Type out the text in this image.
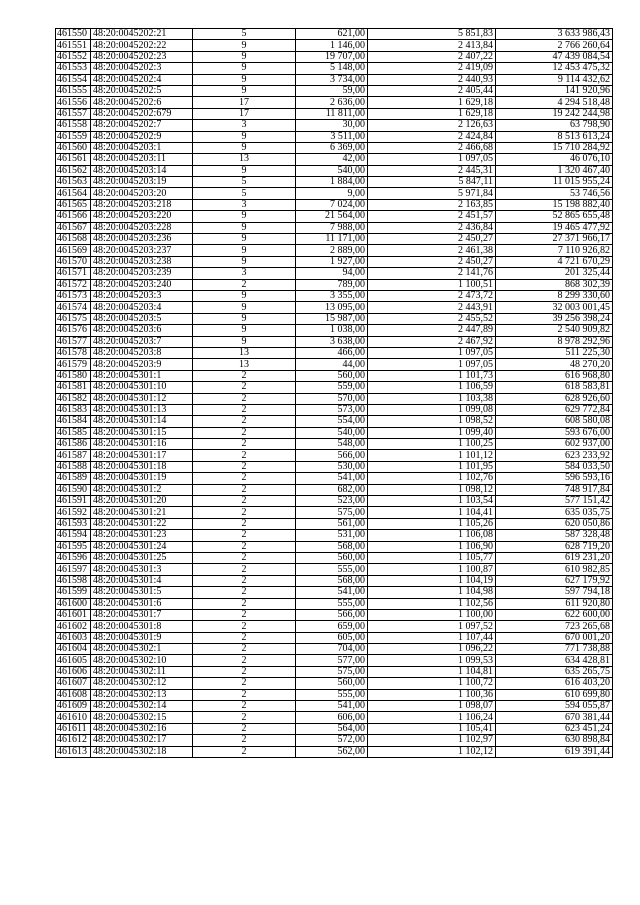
461550	48:20:0045202:21	5	621,00	5 851,83	3 633 986,43
461551	48:20:0045202:22	9	1 146,00	2 413,84	2 766 260,64
461552	48:20:0045202:23	9	19 707,00	2 407,22	47 439 084,54
461553	48:20:0045202:3	9	5 148,00	2 419,09	12 453 475,32
461554	48:20:0045202:4	9	3 734,00	2 440,93	9 114 432,62
461555	48:20:0045202:5	9	59,00	2 405,44	141 920,96
461556	48:20:0045202:6	17	2 636,00	1 629,18	4 294 518,48
461557	48:20:0045202:679	17	11 811,00	1 629,18	19 242 244,98
461558	48:20:0045202:7	3	30,00	2 126,63	63 798,90
461559	48:20:0045202:9	9	3 511,00	2 424,84	8 513 613,24
461560	48:20:0045203:1	9	6 369,00	2 466,68	15 710 284,92
461561	48:20:0045203:11	13	42,00	1 097,05	46 076,10
461562	48:20:0045203:14	9	540,00	2 445,31	1 320 467,40
461563	48:20:0045203:19	5	1 884,00	5 847,11	11 015 955,24
461564	48:20:0045203:20	5	9,00	5 971,84	53 746,56
461565	48:20:0045203:218	3	7 024,00	2 163,85	15 198 882,40
461566	48:20:0045203:220	9	21 564,00	2 451,57	52 865 655,48
461567	48:20:0045203:228	9	7 988,00	2 436,84	19 465 477,92
461568	48:20:0045203:236	9	11 171,00	2 450,27	27 371 966,17
461569	48:20:0045203:237	9	2 889,00	2 461,38	7 110 926,82
461570	48:20:0045203:238	9	1 927,00	2 450,27	4 721 670,29
461571	48:20:0045203:239	3	94,00	2 141,76	201 325,44
461572	48:20:0045203:240	2	789,00	1 100,51	868 302,39
461573	48:20:0045203:3	9	3 355,00	2 473,72	8 299 330,60
461574	48:20:0045203:4	9	13 095,00	2 443,91	32 003 001,45
461575	48:20:0045203:5	9	15 987,00	2 455,52	39 256 398,24
461576	48:20:0045203:6	9	1 038,00	2 447,89	2 540 909,82
461577	48:20:0045203:7	9	3 638,00	2 467,92	8 978 292,96
461578	48:20:0045203:8	13	466,00	1 097,05	511 225,30
461579	48:20:0045203:9	13	44,00	1 097,05	48 270,20
461580	48:20:0045301:1	2	560,00	1 101,73	616 968,80
461581	48:20:0045301:10	2	559,00	1 106,59	618 583,81
461582	48:20:0045301:12	2	570,00	1 103,38	628 926,60
461583	48:20:0045301:13	2	573,00	1 099,08	629 772,84
461584	48:20:0045301:14	2	554,00	1 098,52	608 580,08
461585	48:20:0045301:15	2	540,00	1 099,40	593 676,00
461586	48:20:0045301:16	2	548,00	1 100,25	602 937,00
461587	48:20:0045301:17	2	566,00	1 101,12	623 233,92
461588	48:20:0045301:18	2	530,00	1 101,95	584 033,50
461589	48:20:0045301:19	2	541,00	1 102,76	596 593,16
461590	48:20:0045301:2	2	682,00	1 098,12	748 917,84
461591	48:20:0045301:20	2	523,00	1 103,54	577 151,42
461592	48:20:0045301:21	2	575,00	1 104,41	635 035,75
461593	48:20:0045301:22	2	561,00	1 105,26	620 050,86
461594	48:20:0045301:23	2	531,00	1 106,08	587 328,48
461595	48:20:0045301:24	2	568,00	1 106,90	628 719,20
461596	48:20:0045301:25	2	560,00	1 105,77	619 231,20
461597	48:20:0045301:3	2	555,00	1 100,87	610 982,85
461598	48:20:0045301:4	2	568,00	1 104,19	627 179,92
461599	48:20:0045301:5	2	541,00	1 104,98	597 794,18
461600	48:20:0045301:6	2	555,00	1 102,56	611 920,80
461601	48:20:0045301:7	2	566,00	1 100,00	622 600,00
461602	48:20:0045301:8	2	659,00	1 097,52	723 265,68
461603	48:20:0045301:9	2	605,00	1 107,44	670 001,20
461604	48:20:0045302:1	2	704,00	1 096,22	771 738,88
461605	48:20:0045302:10	2	577,00	1 099,53	634 428,81
461606	48:20:0045302:11	2	575,00	1 104,81	635 265,75
461607	48:20:0045302:12	2	560,00	1 100,72	616 403,20
461608	48:20:0045302:13	2	555,00	1 100,36	610 699,80
461609	48:20:0045302:14	2	541,00	1 098,07	594 055,87
461610	48:20:0045302:15	2	606,00	1 106,24	670 381,44
461611	48:20:0045302:16	2	564,00	1 105,41	623 451,24
461612	48:20:0045302:17	2	572,00	1 102,97	630 898,84
461613	48:20:0045302:18	2	562,00	1 102,12	619 391,44
